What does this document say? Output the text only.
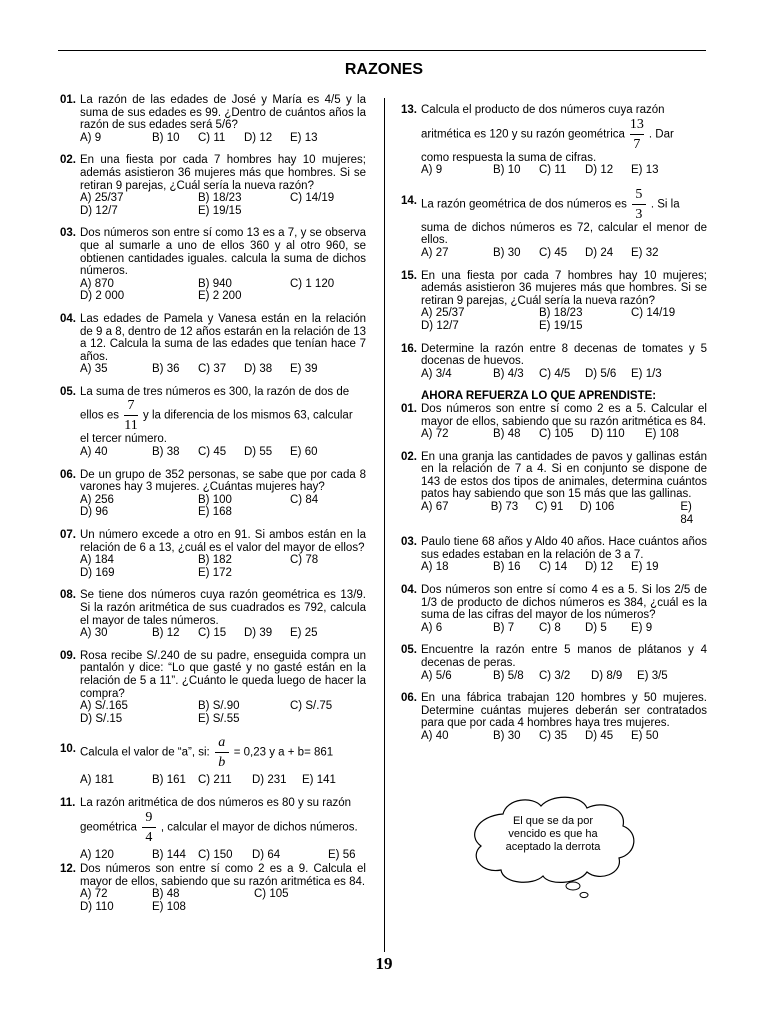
RAZONES
01. La razón de las edades de José y María es 4/5 y la suma de sus edades es 99. ¿Dentro de cuántos años la razón de sus edades será 5/6?
A) 9	B) 10	C) 11	D) 12	E) 13
02. En una fiesta por cada 7 hombres hay 10 mujeres; además asistieron 36 mujeres más que hombres. Si se retiran 9 parejas, ¿Cuál sería la nueva razón?
A) 25/37	B) 18/23	C) 14/19
D) 12/7	E) 19/15
03. Dos números son entre sí como 13 es a 7, y se observa que al sumarle a uno de ellos 360 y al otro 960, se obtienen cantidades iguales. calcula la suma de dichos números.
A) 870	B) 940	C) 1 120
D) 2 000	E) 2 200
04. Las edades de Pamela y Vanesa están en la relación de 9 a 8, dentro de 12 años estarán en la relación de 13 a 12. Calcula la suma de las edades que tenían hace 7 años.
A) 35	B) 36	C) 37	D) 38	E) 39
05. La suma de tres números es 300, la razón de dos de
ellos es $\frac{7}{11}$ y la diferencia de los mismos 63, calcular
el tercer número.
A) 40	B) 38	C) 45	D) 55	E) 60
06. De un grupo de 352 personas, se sabe que por cada 8 varones hay 3 mujeres. ¿Cuántas mujeres hay?
A) 256	B) 100	C) 84
D) 96	E) 168
07. Un número excede a otro en 91. Si ambos están en la relación de 6 a 13, ¿cuál es el valor del mayor de ellos?
A) 184	B) 182	C) 78
D) 169	E) 172
08. Se tiene dos números cuya razón geométrica es 13/9. Si la razón aritmética de sus cuadrados es 792, calcula el mayor de tales números.
A) 30	B) 12	C) 15	D) 39	E) 25
09. Rosa recibe S/.240 de su padre, enseguida compra un pantalón y dice: “Lo que gasté y no gasté están en la relación de 5 a 11”. ¿Cuánto le queda luego de hacer la compra?
A) S/.165	B) S/.90	C) S/.75
D) S/.15	E) S/.55
10. Calcula el valor de “a”, si: $\frac{a}{b} = 0,23$ y a + b= 861
A) 181	B) 161	C) 211	D) 231	E) 141
11. La razón aritmética de dos números es 80 y su razón
geométrica $\frac{9}{4}$ , calcular el mayor de dichos números.
A) 120	B) 144	C) 150	D) 64	E) 56
12. Dos números son entre sí como 2 es a 9. Calcula el mayor de ellos, sabiendo que su razón aritmética es 84.
A) 72	B) 48	C) 105
D) 110	E) 108
13. Calcula el producto de dos números cuya razón
aritmética es 120 y su razón geométrica $\frac{13}{7}$ . Dar
como respuesta la suma de cifras.
A) 9	B) 10	C) 11	D) 12	E) 13
14. La razón geométrica de dos números es $\frac{5}{3}$ . Si la
suma de dichos números es 72, calcular el menor de ellos.
A) 27	B) 30	C) 45	D) 24	E) 32
15. En una fiesta por cada 7 hombres hay 10 mujeres; además asistieron 36 mujeres más que hombres. Si se retiran 9 parejas, ¿Cuál sería la nueva razón?
A) 25/37	B) 18/23	C) 14/19
D) 12/7	E) 19/15
16. Determine la razón entre 8 decenas de tomates y 5 docenas de huevos.
A) 3/4	B) 4/3	C) 4/5	D) 5/6	E) 1/3
AHORA REFUERZA LO QUE APRENDISTE:
01. Dos números son entre sí como 2 es a 5. Calcular el mayor de ellos, sabiendo que su razón aritmética es 84.
A) 72	B) 48	C) 105	D) 110	E) 108
02. En una granja las cantidades de pavos y gallinas están en la relación de 7 a 4. Si en conjunto se dispone de 143 de estos dos tipos de animales, determina cuántos patos hay sabiendo que son 15 más que las gallinas.
A) 67	B) 73	C) 91	D) 106	E) 84
03. Paulo tiene 68 años y Aldo 40 años. Hace cuántos años sus edades estaban en la relación de 3 a 7.
A) 18	B) 16	C) 14	D) 12	E) 19
04. Dos números son entre sí como 4 es a 5. Si los 2/5 de 1/3 de producto de dichos números es 384, ¿cuál es la suma de las cifras del mayor de los números?
A) 6	B) 7	C) 8	D) 5	E) 9
05. Encuentre la razón entre 5 manos de plátanos y 4 decenas de peras.
A) 5/6	B) 5/8	C) 3/2	D) 8/9	E) 3/5
06. En una fábrica trabajan 120 hombres y 50 mujeres. Determine cuántas mujeres deberán ser contratados para que por cada 4 hombres haya tres mujeres.
A) 40	B) 30	C) 35	D) 45	E) 50
El que se da por
vencido es que ha
aceptado la derrota
19
